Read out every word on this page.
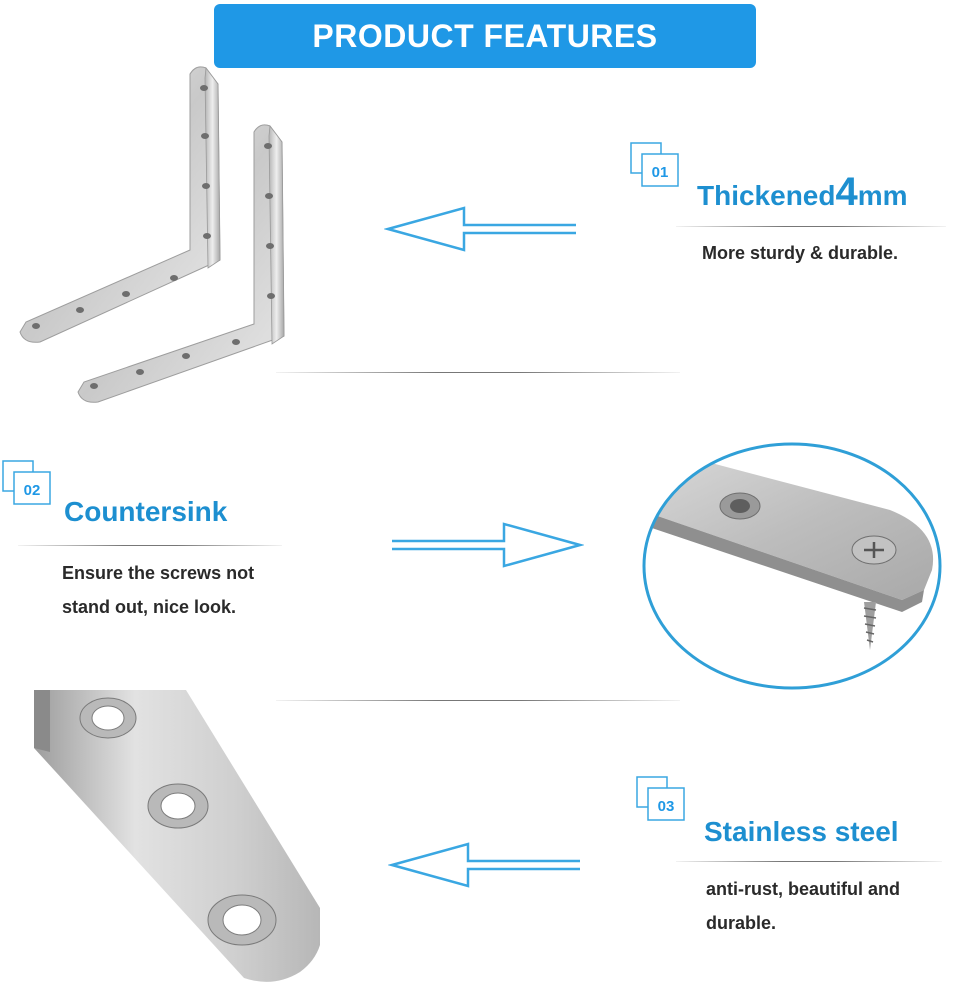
PRODUCT FEATURES
01
Thickened4mm
More sturdy & durable.
02
Countersink
Ensure the screws not
stand out, nice look.
03
Stainless steel
anti-rust, beautiful and
durable.
